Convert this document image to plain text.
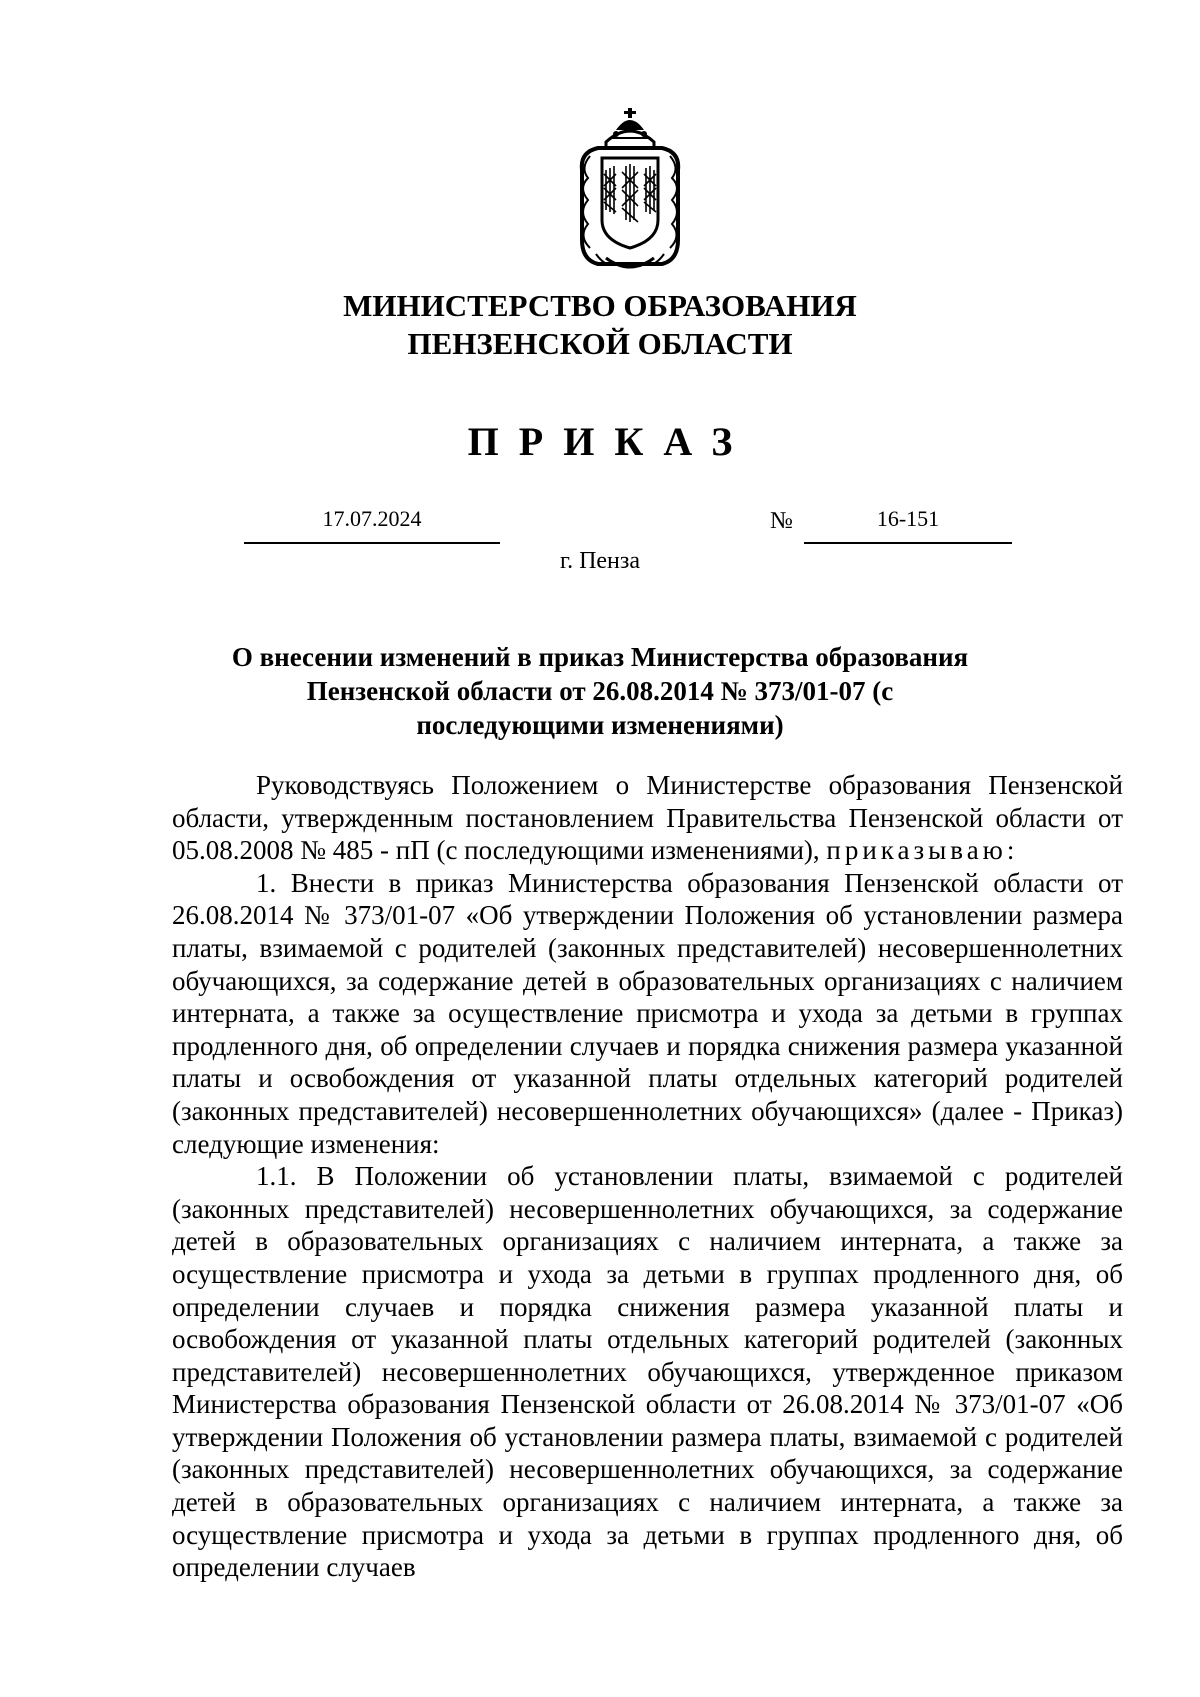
МИНИСТЕРСТВО ОБРАЗОВАНИЯ
ПЕНЗЕНСКОЙ ОБЛАСТИ
ПРИКАЗ
17.07.2024	№	16-151
г. Пенза
О внесении изменений в приказ Министерства образования Пензенской области от 26.08.2014 № 373/01-07 (с последующими изменениями)

Руководствуясь Положением о Министерстве образования Пензенской области, утвержденным постановлением Правительства Пензенской области от 05.08.2008 № 485 - пП (с последующими изменениями), приказываю:

1. Внести в приказ Министерства образования Пензенской области от 26.08.2014 № 373/01-07 «Об утверждении Положения об установлении размера платы, взимаемой с родителей (законных представителей) несовершеннолетних обучающихся, за содержание детей в образовательных организациях с наличием интерната, а также за осуществление присмотра и ухода за детьми в группах продленного дня, об определении случаев и порядка снижения размера указанной платы и освобождения от указанной платы отдельных категорий родителей (законных представителей) несовершеннолетних обучающихся» (далее - Приказ) следующие изменения:

1.1. В Положении об установлении платы, взимаемой с родителей (законных представителей) несовершеннолетних обучающихся, за содержание детей в образовательных организациях с наличием интерната, а также за осуществление присмотра и ухода за детьми в группах продленного дня, об определении случаев и порядка снижения размера указанной платы и освобождения от указанной платы отдельных категорий родителей (законных представителей) несовершеннолетних обучающихся, утвержденное приказом Министерства образования Пензенской области от 26.08.2014 № 373/01-07 «Об утверждении Положения об установлении размера платы, взимаемой с родителей (законных представителей) несовершеннолетних обучающихся, за содержание детей в образовательных организациях с наличием интерната, а также за осуществление присмотра и ухода за детьми в группах продленного дня, об определении случаев
